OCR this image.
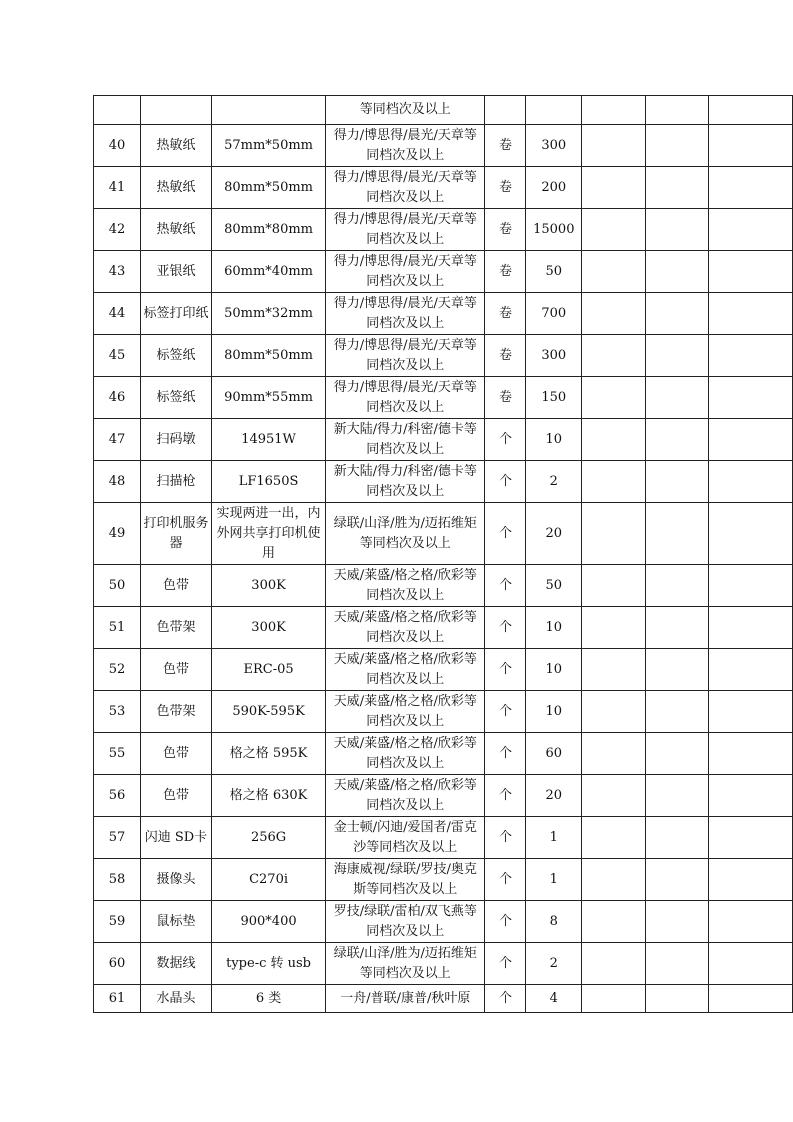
			等同档次及以上					
40	热敏纸	57mm*50mm	得力/博思得/晨光/天章等同档次及以上	卷	300			
41	热敏纸	80mm*50mm	得力/博思得/晨光/天章等同档次及以上	卷	200			
42	热敏纸	80mm*80mm	得力/博思得/晨光/天章等同档次及以上	卷	15000			
43	亚银纸	60mm*40mm	得力/博思得/晨光/天章等同档次及以上	卷	50			
44	标签打印纸	50mm*32mm	得力/博思得/晨光/天章等同档次及以上	卷	700			
45	标签纸	80mm*50mm	得力/博思得/晨光/天章等同档次及以上	卷	300			
46	标签纸	90mm*55mm	得力/博思得/晨光/天章等同档次及以上	卷	150			
47	扫码墩	14951W	新大陆/得力/科密/德卡等同档次及以上	个	10			
48	扫描枪	LF1650S	新大陆/得力/科密/德卡等同档次及以上	个	2			
49	打印机服务器	实现两进一出，内外网共享打印机使用	绿联/山泽/胜为/迈拓维矩等同档次及以上	个	20			
50	色带	300K	天威/莱盛/格之格/欣彩等同档次及以上	个	50			
51	色带架	300K	天威/莱盛/格之格/欣彩等同档次及以上	个	10			
52	色带	ERC-05	天威/莱盛/格之格/欣彩等同档次及以上	个	10			
53	色带架	590K-595K	天威/莱盛/格之格/欣彩等同档次及以上	个	10			
55	色带	格之格 595K	天威/莱盛/格之格/欣彩等同档次及以上	个	60			
56	色带	格之格 630K	天威/莱盛/格之格/欣彩等同档次及以上	个	20			
57	闪迪 SD卡	256G	金士顿/闪迪/爱国者/雷克沙等同档次及以上	个	1			
58	摄像头	C270i	海康威视/绿联/罗技/奥克斯等同档次及以上	个	1			
59	鼠标垫	900*400	罗技/绿联/雷柏/双飞燕等同档次及以上	个	8			
60	数据线	type-c 转 usb	绿联/山泽/胜为/迈拓维矩等同档次及以上	个	2			
61	水晶头	6 类	一舟/普联/康普/秋叶原	个	4			
